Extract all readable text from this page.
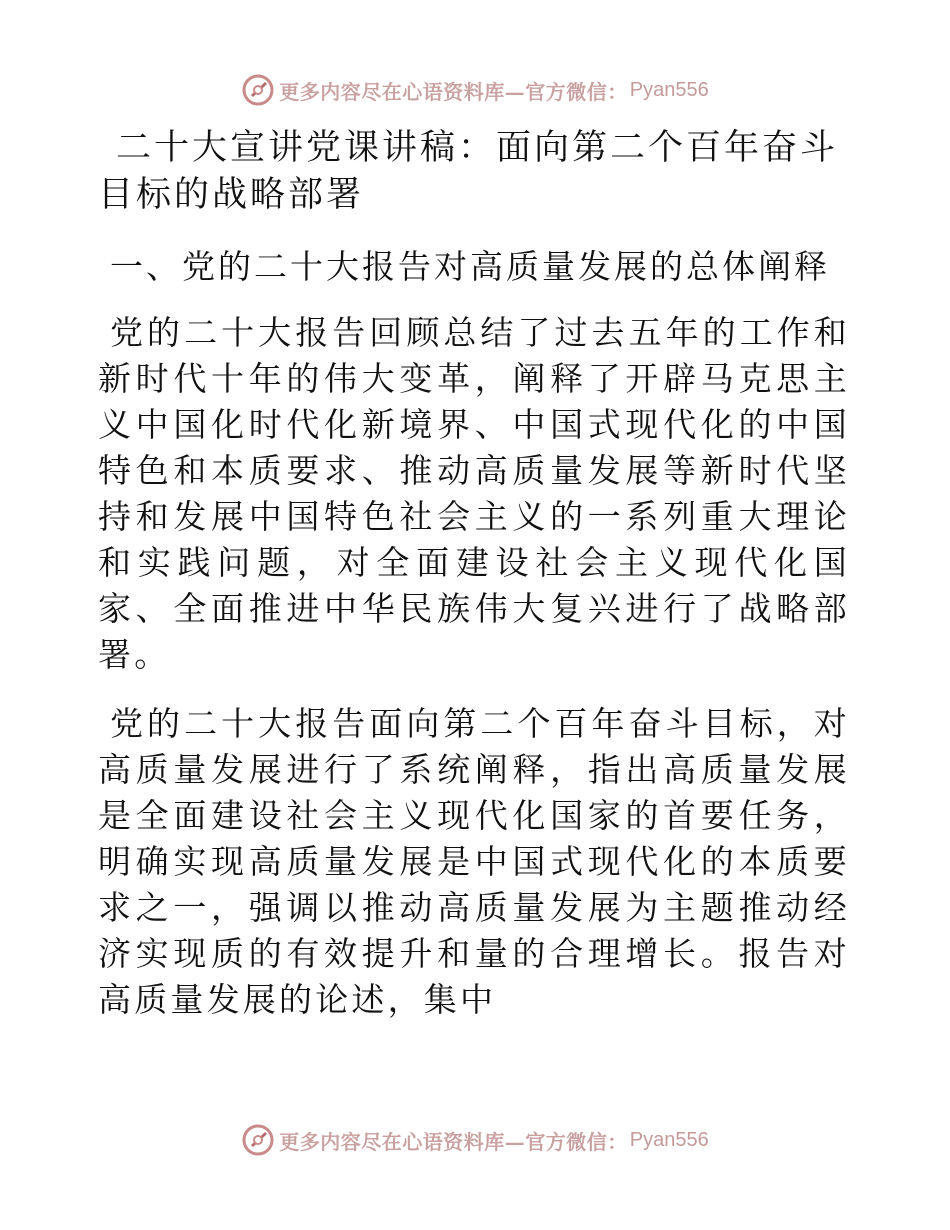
更多内容尽在心语资料库—官方微信： Pyan556
二十大宣讲党课讲稿：面向第二个百年奋斗目标的战略部署
一、党的二十大报告对高质量发展的总体阐释

党的二十大报告回顾总结了过去五年的工作和新时代十年的伟大变革，阐释了开辟马克思主义中国化时代化新境界、中国式现代化的中国特色和本质要求、推动高质量发展等新时代坚持和发展中国特色社会主义的一系列重大理论和实践问题，对全面建设社会主义现代化国家、全面推进中华民族伟大复兴进行了战略部署。

党的二十大报告面向第二个百年奋斗目标，对高质量发展进行了系统阐释，指出高质量发展是全面建设社会主义现代化国家的首要任务，明确实现高质量发展是中国式现代化的本质要求之一，强调以推动高质量发展为主题推动经济实现质的有效提升和量的合理增长。报告对高质量发展的论述，集中

更多内容尽在心语资料库—官方微信： Pyan556
